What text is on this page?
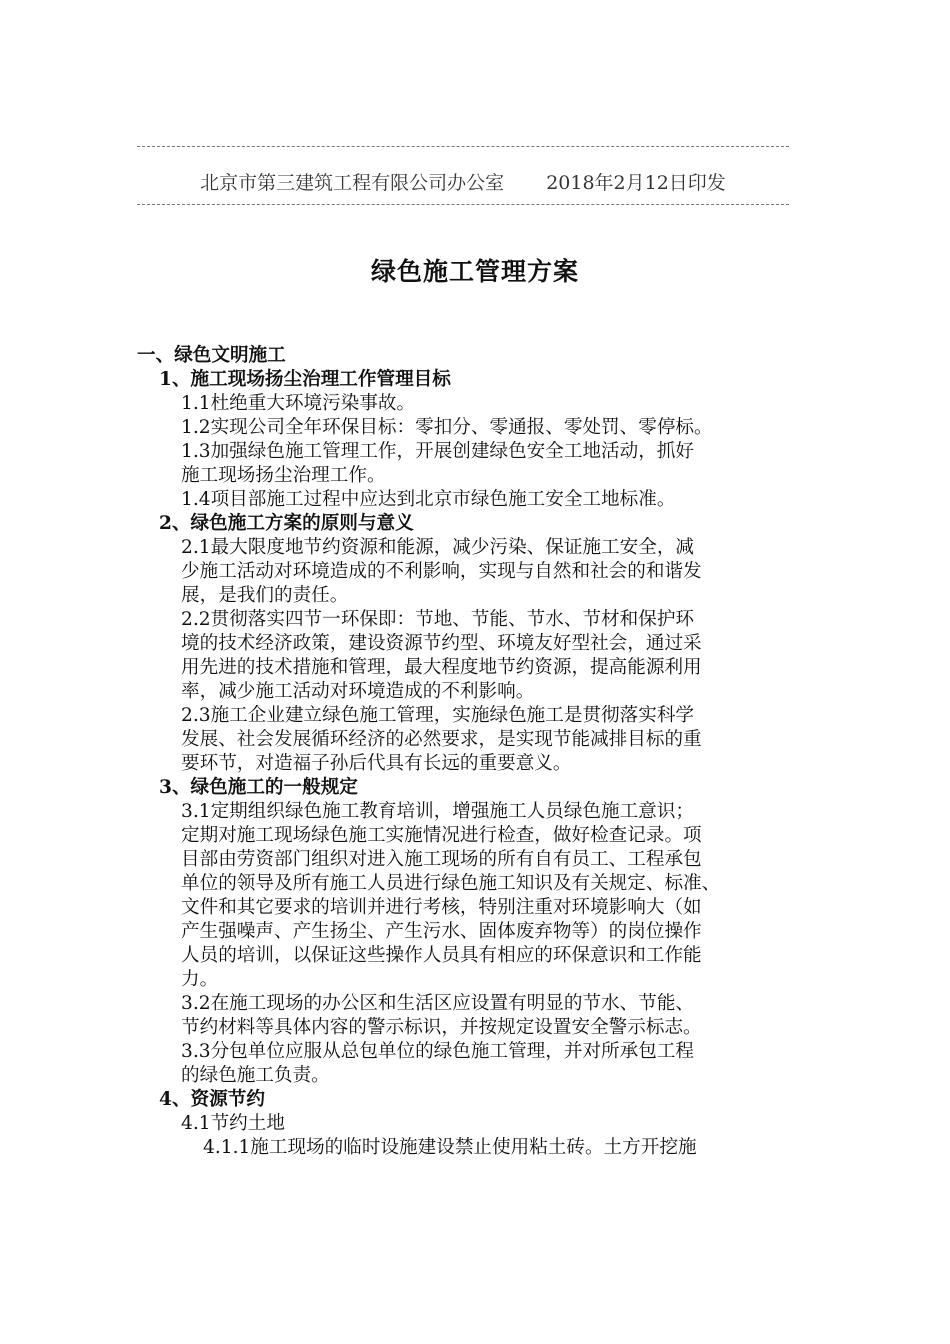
北京市第三建筑工程有限公司办公室 2018年2月12日印发
绿色施工管理方案
一、绿色文明施工
1、施工现场扬尘治理工作管理目标
1.1杜绝重大环境污染事故。
1.2实现公司全年环保目标：零扣分、零通报、零处罚、零停标。
1.3加强绿色施工管理工作，开展创建绿色安全工地活动，抓好
施工现场扬尘治理工作。
1.4项目部施工过程中应达到北京市绿色施工安全工地标准。
2、绿色施工方案的原则与意义
2.1最大限度地节约资源和能源，减少污染、保证施工安全，减
少施工活动对环境造成的不利影响，实现与自然和社会的和谐发
展，是我们的责任。
2.2贯彻落实四节一环保即：节地、节能、节水、节材和保护环
境的技术经济政策，建设资源节约型、环境友好型社会，通过采
用先进的技术措施和管理，最大程度地节约资源，提高能源利用
率，减少施工活动对环境造成的不利影响。
2.3施工企业建立绿色施工管理，实施绿色施工是贯彻落实科学
发展、社会发展循环经济的必然要求，是实现节能减排目标的重
要环节，对造福子孙后代具有长远的重要意义。
3、绿色施工的一般规定
3.1定期组织绿色施工教育培训，增强施工人员绿色施工意识；
定期对施工现场绿色施工实施情况进行检查，做好检查记录。项
目部由劳资部门组织对进入施工现场的所有自有员工、工程承包
单位的领导及所有施工人员进行绿色施工知识及有关规定、标准、
文件和其它要求的培训并进行考核，特别注重对环境影响大（如
产生强噪声、产生扬尘、产生污水、固体废弃物等）的岗位操作
人员的培训，以保证这些操作人员具有相应的环保意识和工作能
力。
3.2在施工现场的办公区和生活区应设置有明显的节水、节能、
节约材料等具体内容的警示标识，并按规定设置安全警示标志。
3.3分包单位应服从总包单位的绿色施工管理，并对所承包工程
的绿色施工负责。
4、资源节约
4.1节约土地
4.1.1施工现场的临时设施建设禁止使用粘土砖。土方开挖施
